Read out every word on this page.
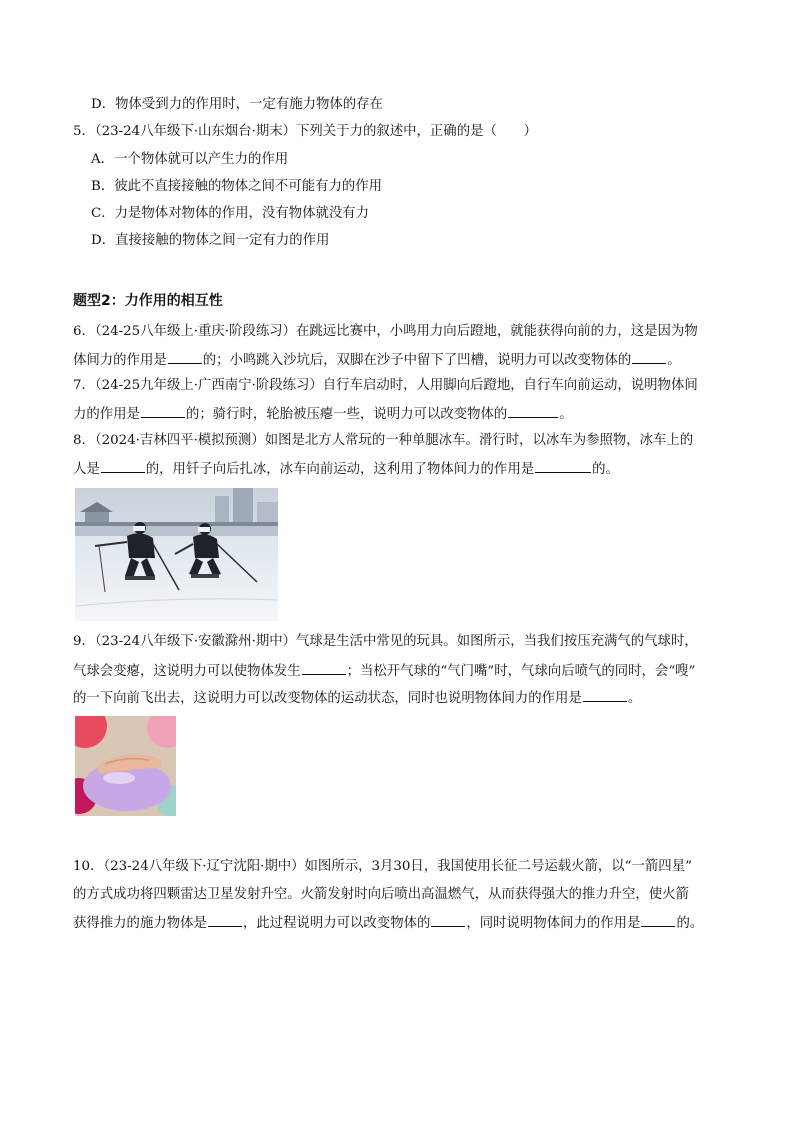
D．物体受到力的作用时，一定有施力物体的存在
5．（23-24八年级下·山东烟台·期末）下列关于力的叙述中，正确的是（　　）
A．一个物体就可以产生力的作用
B．彼此不直接接触的物体之间不可能有力的作用
C．力是物体对物体的作用，没有物体就没有力
D．直接接触的物体之间一定有力的作用
题型2：力作用的相互性
6．（24-25八年级上·重庆·阶段练习）在跳远比赛中，小鸣用力向后蹬地，就能获得向前的力，这是因为物
体间力的作用是	的；小鸣跳入沙坑后，双脚在沙子中留下了凹槽，说明力可以改变物体的	。
7．（24-25九年级上·广西南宁·阶段练习）自行车启动时，人用脚向后蹬地，自行车向前运动，说明物体间
力的作用是	的；骑行时，轮胎被压瘪一些，说明力可以改变物体的	。
8．（2024·吉林四平·模拟预测）如图是北方人常玩的一种单腿冰车。滑行时，以冰车为参照物，冰车上的
人是	的，用钎子向后扎冰，冰车向前运动，这利用了物体间力的作用是	的。
9．（23-24八年级下·安徽滁州·期中）气球是生活中常见的玩具。如图所示，当我们按压充满气的气球时，
气球会变瘪，这说明力可以使物体发生	；当松开气球的“气门嘴”时，气球向后喷气的同时，会“嗖”
的一下向前飞出去，这说明力可以改变物体的运动状态，同时也说明物体间力的作用是	。
10．（23-24八年级下·辽宁沈阳·期中）如图所示，3月30日，我国使用长征二号运载火箭，以“一箭四星”
的方式成功将四颗雷达卫星发射升空。火箭发射时向后喷出高温燃气，从而获得强大的推力升空，使火箭
获得推力的施力物体是	，此过程说明力可以改变物体的	，同时说明物体间力的作用是	的。
